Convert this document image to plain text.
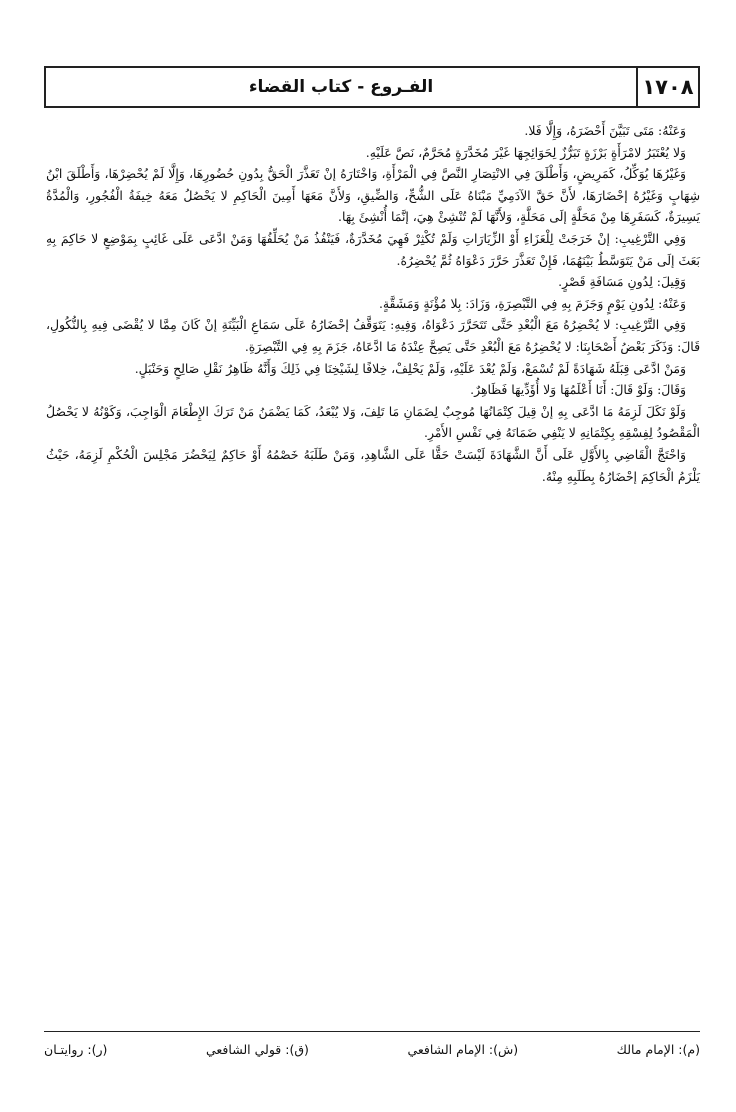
١٧٠٨
الفـروع - كتاب القضاء

وَعَنْهُ: مَتَى تَبَيَّنَ أَحْضَرَهُ، وَإِلَّا فَلا.

وَلا يُعْتَبَرُ لامْرَأَةٍ بَرْزَةٍ تَبَرُّزٌ لِحَوَائِجِهَا غَيْرَ مُخَدَّرَةٍ مُحَرَّمٌ، نَصَّ عَلَيْهِ.

وَغَيْرُهَا يُوَكِّلُ، كَمَرِيضٍ، وَأَطْلَقَ فِي الانْتِصَارِ النَّصَّ فِي الْمَرْأَةِ، وَاخْتَارَهُ إنْ تَعَذَّرَ الْحَقُّ بِدُونِ حُضُورِهَا، وَإِلَّا لَمْ يُحْضِرْهَا، وَأَطْلَقَ ابْنُ شِهَابٍ وَغَيْرُهُ إحْضَارَهَا، لأَنَّ حَقَّ الآدَمِيِّ مَبْنَاهُ عَلَى الشُّحِّ، وَالضِّيقِ، وَلأَنَّ مَعَهَا أَمِينَ الْحَاكِمِ لا يَحْصُلُ مَعَهُ خِيفَةُ الْفُجُورِ، وَالْمُدَّةُ يَسِيرَةٌ، كَسَفَرِهَا مِنْ مَحَلَّةٍ إلَى مَحَلَّةٍ، وَلأَنَّهَا لَمْ تُنْشِئْ هِيَ، إنَّمَا أُنْشِئَ بِهَا.

وَفِي التَّرْغِيبِ: إنْ خَرَجَتْ لِلْعَزَاءِ أَوْ الزِّيَارَاتِ وَلَمْ تُكْثِرْ فَهِيَ مُخَدَّرَةٌ، فَيَنْفُذُ مَنْ يُحَلِّفُهَا وَمَنْ ادَّعَى عَلَى غَائِبٍ بِمَوْضِعٍ لا حَاكِمَ بِهِ بَعَثَ إلَى مَنْ يَتَوَسَّطُ بَيْنَهُمَا، فَإِنْ تَعَذَّرَ حَرَّرَ دَعْوَاهُ ثُمَّ يُحْضِرُهُ.

وَقِيلَ: لِدُونِ مَسَافَةِ قَصْرٍ.

وَعَنْهُ: لِدُونِ يَوْمٍ وَجَزَمَ بِهِ فِي التَّبْصِرَةِ، وَزَادَ: بِلا مُؤْنَةٍ وَمَشَقَّةٍ.

وَفِي التَّرْغِيبِ: لا يُحْضِرُهُ مَعَ الْبُعْدِ حَتَّى تَتَحَرَّرَ دَعْوَاهُ، وَفِيهِ: يَتَوَقَّفُ إحْضَارُهُ عَلَى سَمَاعِ الْبَيِّنَةِ إنْ كَانَ مِمَّا لا يُقْضَى فِيهِ بِالنُّكُولِ، قَالَ: وَذَكَرَ بَعْضُ أَصْحَابِنَا: لا يُحْضِرُهُ مَعَ الْبُعْدِ حَتَّى يَصِحَّ عِنْدَهُ مَا ادَّعَاهُ، جَزَمَ بِهِ فِي التَّبْصِرَةِ.

وَمَنْ ادَّعَى قِبَلَهُ شَهَادَةً لَمْ تُسْمَعْ، وَلَمْ يُعْدَ عَلَيْهِ، وَلَمْ يَحْلِفْ، خِلافًا لِشَيْخِنَا فِي ذَلِكَ وَأَنَّهُ ظَاهِرُ نَقْلِ صَالِحٍ وَحَنْبَلٍ.

وَقَالَ: وَلَوْ قَالَ: أَنَا أَعْلَمُهَا وَلا أُؤَدِّيهَا فَظَاهِرٌ.

وَلَوْ نَكَلَ لَزِمَهُ مَا ادَّعَى بِهِ إنْ قِيلَ كِتْمَانُهَا مُوجِبٌ لِضَمَانِ مَا تَلِفَ، وَلا يُبْعَدُ، كَمَا يَضْمَنُ مَنْ تَرَكَ الإِطْعَامَ الْوَاجِبَ، وَكَوْنُهُ لا يَحْصُلُ الْمَقْصُودُ لِفِسْقِهِ بِكِتْمَانِهِ لا يَنْفِي ضَمَانَهُ فِي نَفْسِ الأَمْرِ.

وَاحْتَجَّ الْقَاضِي بِالأَوَّلِ عَلَى أَنَّ الشَّهَادَةَ لَيْسَتْ حَقًّا عَلَى الشَّاهِدِ، وَمَنْ طَلَبَهُ خَصْمُهُ أَوْ حَاكِمٌ لِيَحْضُرَ مَجْلِسَ الْحُكْمِ لَزِمَهُ، حَيْثُ يَلْزَمُ الْحَاكِمَ إحْضَارُهُ بِطَلَبِهِ مِنْهُ.

(م): الإمام مالك
(ش): الإمام الشافعي
(ق): قولي الشافعي
(ر): روايتـان
